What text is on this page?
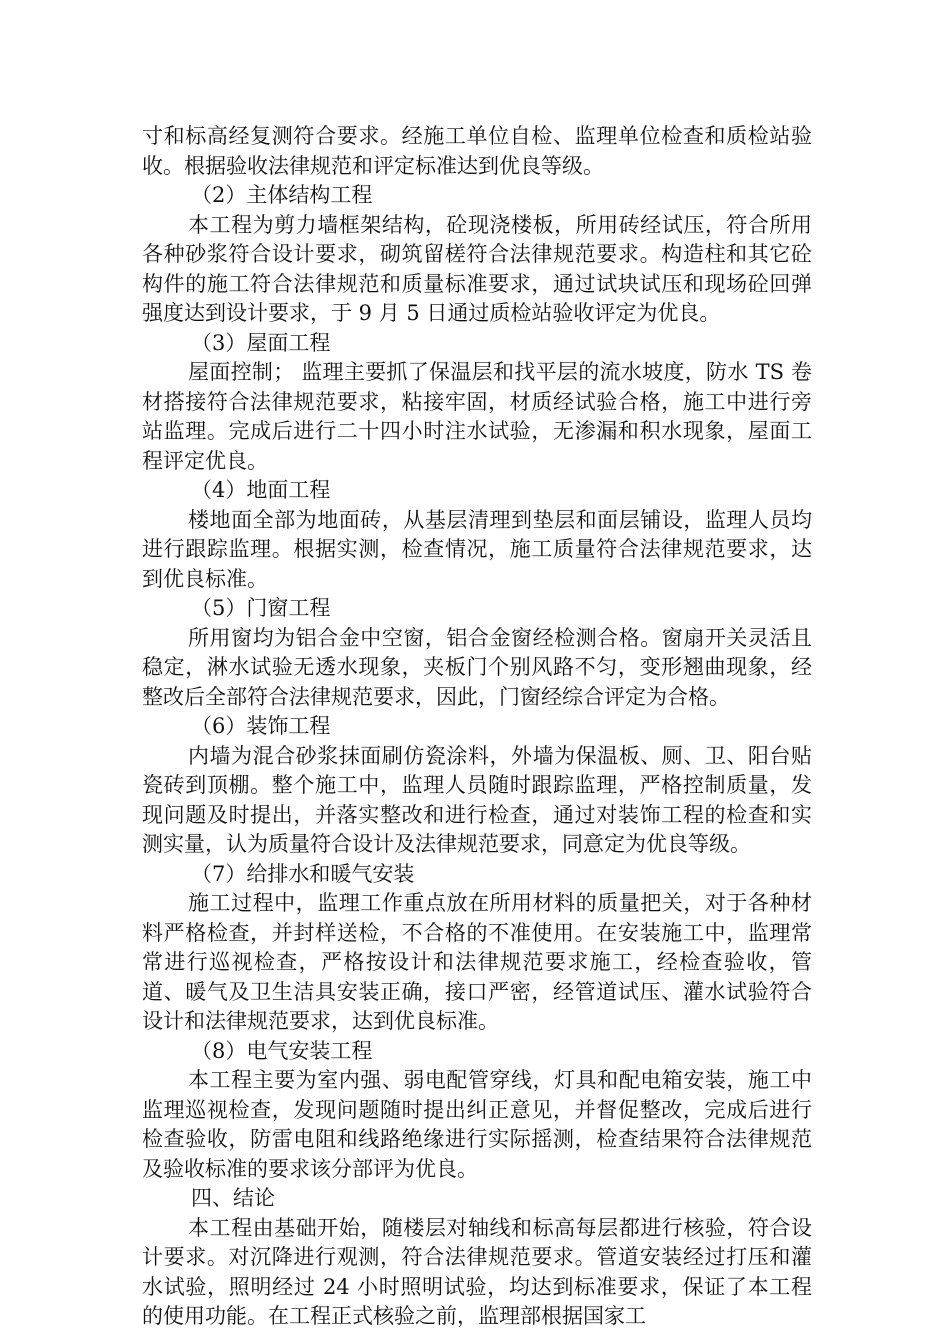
寸和标高经复测符合要求。经施工单位自检、监理单位检查和质检站验收。根据验收法律规范和评定标准达到优良等级。

（2）主体结构工程

本工程为剪力墙框架结构，砼现浇楼板，所用砖经试压，符合所用各种砂浆符合设计要求，砌筑留槎符合法律规范要求。构造柱和其它砼构件的施工符合法律规范和质量标准要求，通过试块试压和现场砼回弹强度达到设计要求，于 9 月 5 日通过质检站验收评定为优良。

（3）屋面工程

屋面控制； 监理主要抓了保温层和找平层的流水坡度，防水 TS 卷材搭接符合法律规范要求，粘接牢固，材质经试验合格，施工中进行旁站监理。完成后进行二十四小时注水试验，无渗漏和积水现象，屋面工程评定优良。

（4）地面工程

楼地面全部为地面砖，从基层清理到垫层和面层铺设，监理人员均进行跟踪监理。根据实测，检查情况，施工质量符合法律规范要求，达到优良标准。

（5）门窗工程

所用窗均为铝合金中空窗，铝合金窗经检测合格。窗扇开关灵活且稳定，淋水试验无透水现象，夹板门个别风路不匀，变形翘曲现象，经整改后全部符合法律规范要求，因此，门窗经综合评定为合格。

（6）装饰工程

内墙为混合砂浆抹面刷仿瓷涂料，外墙为保温板、厕、卫、阳台贴瓷砖到顶棚。整个施工中，监理人员随时跟踪监理，严格控制质量，发现问题及时提出，并落实整改和进行检查，通过对装饰工程的检查和实测实量，认为质量符合设计及法律规范要求，同意定为优良等级。

（7）给排水和暖气安装

施工过程中，监理工作重点放在所用材料的质量把关，对于各种材料严格检查，并封样送检，不合格的不准使用。在安装施工中，监理常常进行巡视检查，严格按设计和法律规范要求施工，经检查验收，管道、暖气及卫生洁具安装正确，接口严密，经管道试压、灌水试验符合设计和法律规范要求，达到优良标准。

（8）电气安装工程

本工程主要为室内强、弱电配管穿线，灯具和配电箱安装，施工中监理巡视检查，发现问题随时提出纠正意见，并督促整改，完成后进行检查验收，防雷电阻和线路绝缘进行实际摇测，检查结果符合法律规范及验收标准的要求该分部评为优良。

四、结论

本工程由基础开始，随楼层对轴线和标高每层都进行核验，符合设计要求。对沉降进行观测，符合法律规范要求。管道安装经过打压和灌水试验，照明经过 24 小时照明试验，均达到标准要求，保证了本工程的使用功能。在工程正式核验之前，监理部根据国家工
